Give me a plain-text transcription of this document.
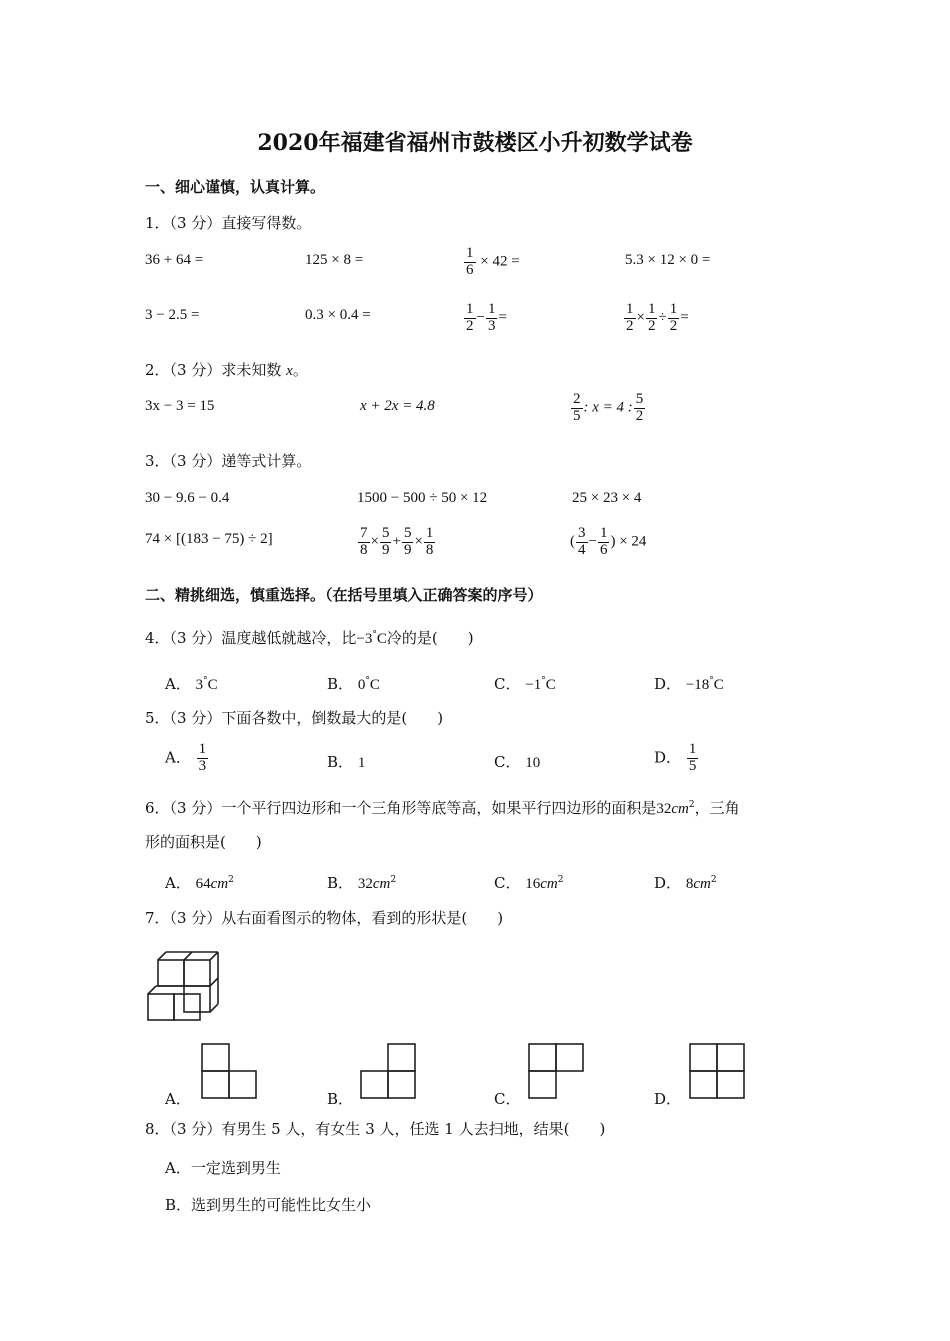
2020年福建省福州市鼓楼区小升初数学试卷
一、细心谨慎，认真计算。
1．（3 分）直接写得数。
36 + 64 =	125 × 8 =	$\frac{1}{6} \times 42$ =	5.3 × 12 × 0 =
3 − 2.5 =	0.3 × 0.4 =	$\frac{1}{2} - \frac{1}{3}$ =	$\frac{1}{2} \times \frac{1}{2} \div \frac{1}{2}$ =
2．（3 分）求未知数 x。
3x − 3 = 15	x + 2x = 4.8	$\frac{2}{5}$ : x = 4 : $\frac{5}{2}$
3．（3 分）递等式计算。
30 − 9.6 − 0.4	1500 − 500 ÷ 50 × 12	25 × 23 × 4
74 × [(183 − 75) ÷ 2]	$\frac{7}{8} \times \frac{5}{9} + \frac{5}{9} \times \frac{1}{8}$	( $\frac{3}{4} - \frac{1}{6}$ ) × 24
二、精挑细选，慎重选择。（在括号里填入正确答案的序号）
4．（3 分）温度越低就越冷，比−3°C冷的是(　　)
A． 3°C	B． 0°C	C． −1°C	D． −18°C
5．（3 分）下面各数中，倒数最大的是(　　)
A． $\frac{1}{3}$	B． 1	C． 10	D． $\frac{1}{5}$
6．（3 分）一个平行四边形和一个三角形等底等高，如果平行四边形的面积是$32cm^2$，三角
形的面积是(　　)
A． $64cm^2$	B． $32cm^2$	C． $16cm^2$	D． $8cm^2$
7．（3 分）从右面看图示的物体，看到的形状是(　　)
A．	B．	C．	D．
8．（3 分）有男生 5 人，有女生 3 人，任选 1 人去扫地，结果(　　)
A．一定选到男生
B．选到男生的可能性比女生小
